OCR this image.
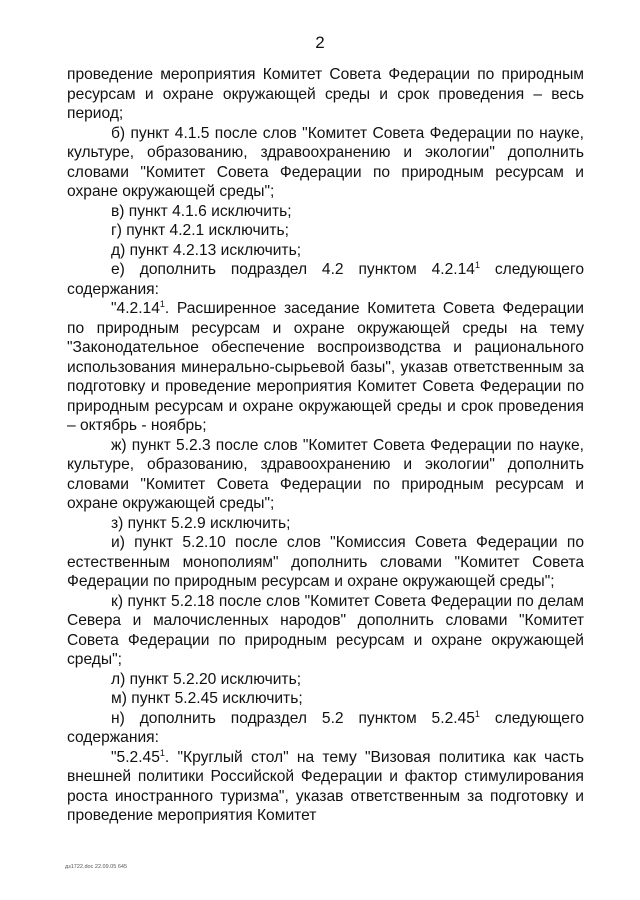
2

проведение мероприятия Комитет Совета Федерации по природным ресурсам и охране окружающей среды и срок проведения – весь период;

б) пункт 4.1.5 после слов "Комитет Совета Федерации по науке, культуре, образованию, здравоохранению и экологии" дополнить словами "Комитет Совета Федерации по природным ресурсам и охране окружающей среды";

в) пункт 4.1.6 исключить;

г) пункт 4.2.1 исключить;

д) пункт 4.2.13 исключить;

е) дополнить подраздел 4.2 пунктом 4.2.14$^1$ следующего содержания:

"4.2.14$^1$. Расширенное заседание Комитета Совета Федерации по природным ресурсам и охране окружающей среды на тему "Законодательное обеспечение воспроизводства и рационального использования минерально-сырьевой базы", указав ответственным за подготовку и проведение мероприятия Комитет Совета Федерации по природным ресурсам и охране окружающей среды и срок проведения – октябрь - ноябрь;

ж) пункт 5.2.3 после слов "Комитет Совета Федерации по науке, культуре, образованию, здравоохранению и экологии" дополнить словами "Комитет Совета Федерации по природным ресурсам и охране окружающей среды";

з) пункт 5.2.9 исключить;

и) пункт 5.2.10 после слов "Комиссия Совета Федерации по естественным монополиям" дополнить словами "Комитет Совета Федерации по природным ресурсам и охране окружающей среды";

к) пункт 5.2.18 после слов "Комитет Совета Федерации по делам Севера и малочисленных народов" дополнить словами "Комитет Совета Федерации по природным ресурсам и охране окружающей среды";

л) пункт 5.2.20 исключить;

м) пункт 5.2.45 исключить;

н) дополнить подраздел 5.2 пунктом 5.2.45$^1$ следующего содержания:

"5.2.45$^1$. "Круглый стол" на тему "Визовая политика как часть внешней политики Российской Федерации и фактор стимулирования роста иностранного туризма", указав ответственным за подготовку и проведение мероприятия Комитет

дз1722.doc 22.09.05 645
